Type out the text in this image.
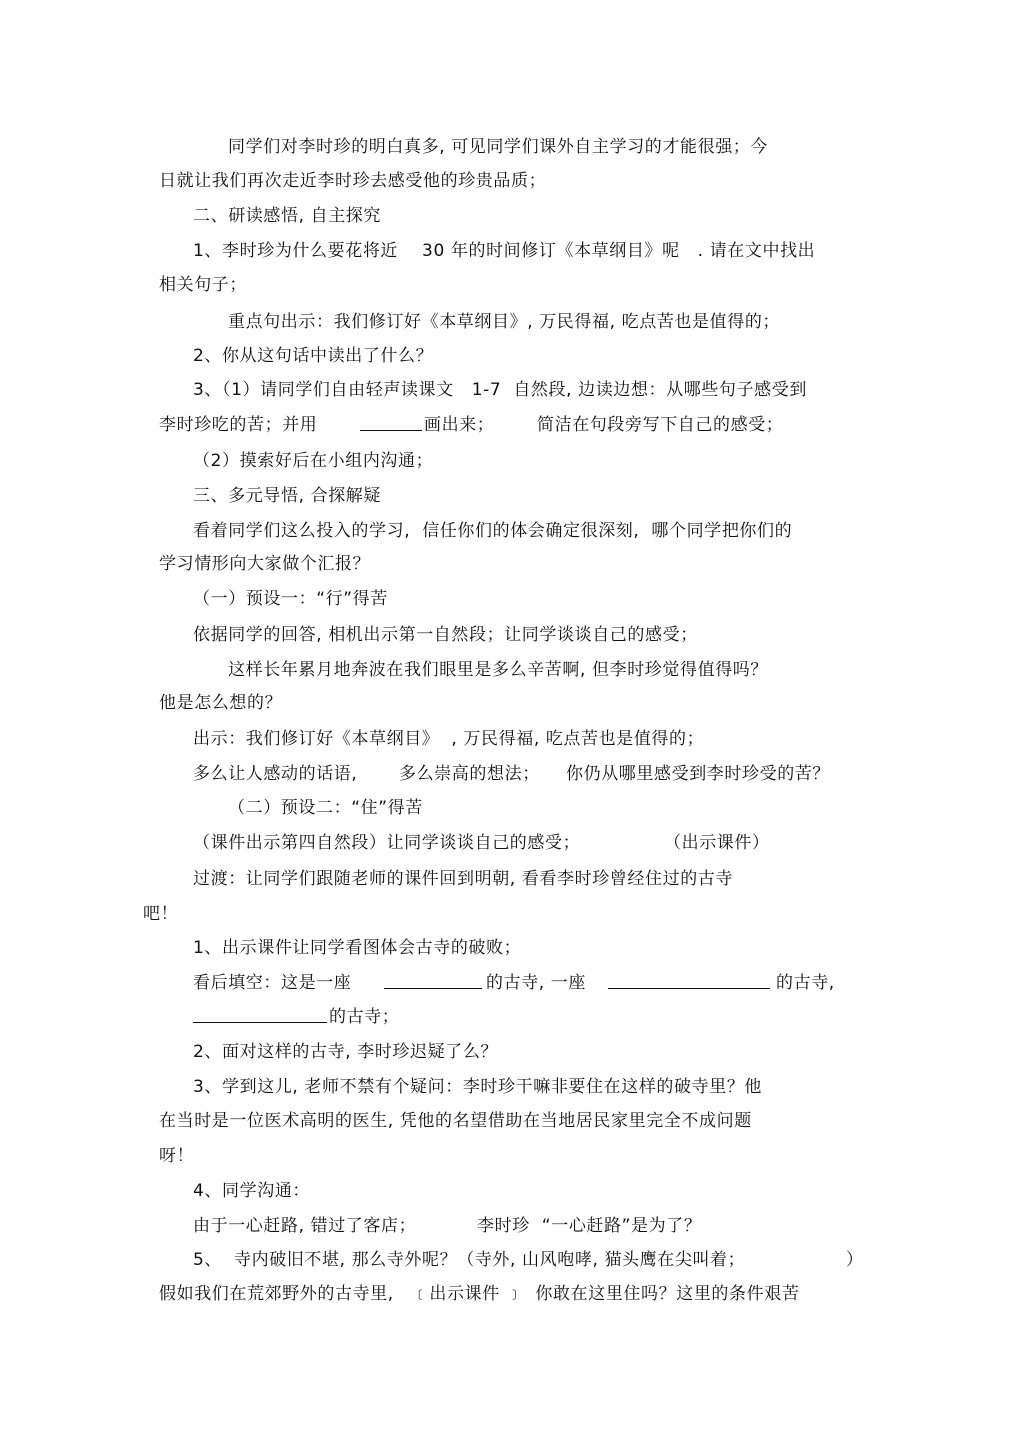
同学们对李时珍的明白真多, 可见同学们课外自主学习的才能很强；今
日就让我们再次走近李时珍去感受他的珍贵品质；
二、研读感悟, 自主探究
1、李时珍为什么要花将近    30 年的时间修订《本草纲目》呢   . 请在文中找出
相关句子；
重点句出示：我们修订好《本草纲目》, 万民得福, 吃点苦也是值得的；
2、你从这句话中读出了什么？
3、（1）请同学们自由轻声读课文   1-7  自然段, 边读边想：从哪些句子感受到
李时珍吃的苦；并用	画出来；	简洁在句段旁写下自己的感受；
（2）摸索好后在小组内沟通；
三、多元导悟, 合探解疑
看着同学们这么投入的学习,  信任你们的体会确定很深刻,  哪个同学把你们的
学习情形向大家做个汇报？
（一）预设一：“行”得苦
依据同学的回答, 相机出示第一自然段；让同学谈谈自己的感受；
这样长年累月地奔波在我们眼里是多么辛苦啊, 但李时珍觉得值得吗？
他是怎么想的？
出示：我们修订好《本草纲目》  , 万民得福, 吃点苦也是值得的；
多么让人感动的话语, 多么崇高的想法； 你仍从哪里感受到李时珍受的苦？
（二）预设二：“住”得苦
（课件出示第四自然段）让同学谈谈自己的感受；	（出示课件）
过渡：让同学们跟随老师的课件回到明朝, 看看李时珍曾经住过的古寺
吧！
1、出示课件让同学看图体会古寺的破败；
看后填空：这是一座	的古寺, 一座	的古寺,
的古寺；
2、面对这样的古寺, 李时珍迟疑了么？
3、学到这儿, 老师不禁有个疑问：李时珍干嘛非要住在这样的破寺里？他
在当时是一位医术高明的医生, 凭他的名望借助在当地居民家里完全不成问题
呀！
4、同学沟通：
由于一心赶路, 错过了客店；	李时珍  “一心赶路”是为了？
5、  寺内破旧不堪, 那么寺外呢？（寺外, 山风咆哮, 猫头鹰在尖叫着；	）
假如我们在荒郊野外的古寺里,   ﹝出示课件 ﹞  你敢在这里住吗？这里的条件艰苦
